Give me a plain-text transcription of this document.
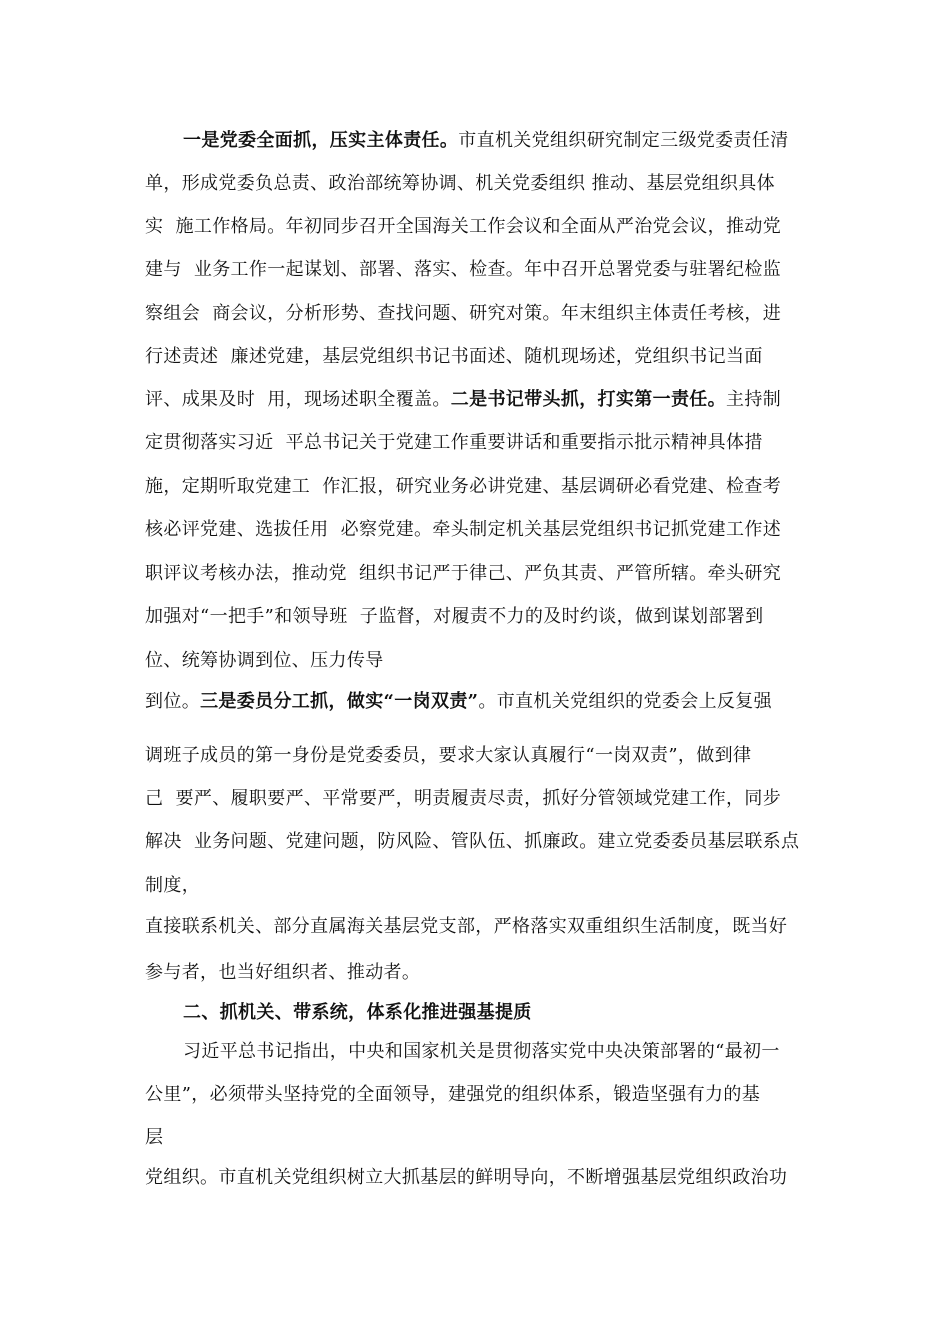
一是党委全面抓，压实主体责任。市直机关党组织研究制定三级党委责任清
单，形成党委负总责、政治部统筹协调、机关党委组织 推动、基层党组织具体
实  施工作格局。年初同步召开全国海关工作会议和全面从严治党会议，推动党
建与  业务工作一起谋划、部署、落实、检查。年中召开总署党委与驻署纪检监
察组会  商会议，分析形势、查找问题、研究对策。年末组织主体责任考核，进
行述责述  廉述党建，基层党组织书记书面述、随机现场述，党组织书记当面
评、成果及时  用，现场述职全覆盖。二是书记带头抓，打实第一责任。主持制
定贯彻落实习近  平总书记关于党建工作重要讲话和重要指示批示精神具体措
施，定期听取党建工  作汇报，研究业务必讲党建、基层调研必看党建、检查考
核必评党建、选拔任用  必察党建。牵头制定机关基层党组织书记抓党建工作述
职评议考核办法，推动党  组织书记严于律己、严负其责、严管所辖。牵头研究
加强对“一把手”和领导班  子监督，对履责不力的及时约谈，做到谋划部署到
位、统筹协调到位、压力传导
到位。三是委员分工抓，做实“一岗双责”。市直机关党组织的党委会上反复强
调班子成员的第一身份是党委委员，要求大家认真履行“一岗双责”，做到律
己  要严、履职要严、平常要严，明责履责尽责，抓好分管领域党建工作，同步
解决  业务问题、党建问题，防风险、管队伍、抓廉政。建立党委委员基层联系点
制度，
直接联系机关、部分直属海关基层党支部，严格落实双重组织生活制度，既当好
参与者，也当好组织者、推动者。
二、抓机关、带系统，体系化推进强基提质
习近平总书记指出，中央和国家机关是贯彻落实党中央决策部署的“最初一
公里”，必须带头坚持党的全面领导，建强党的组织体系，锻造坚强有力的基
层
党组织。市直机关党组织树立大抓基层的鲜明导向，不断增强基层党组织政治功
